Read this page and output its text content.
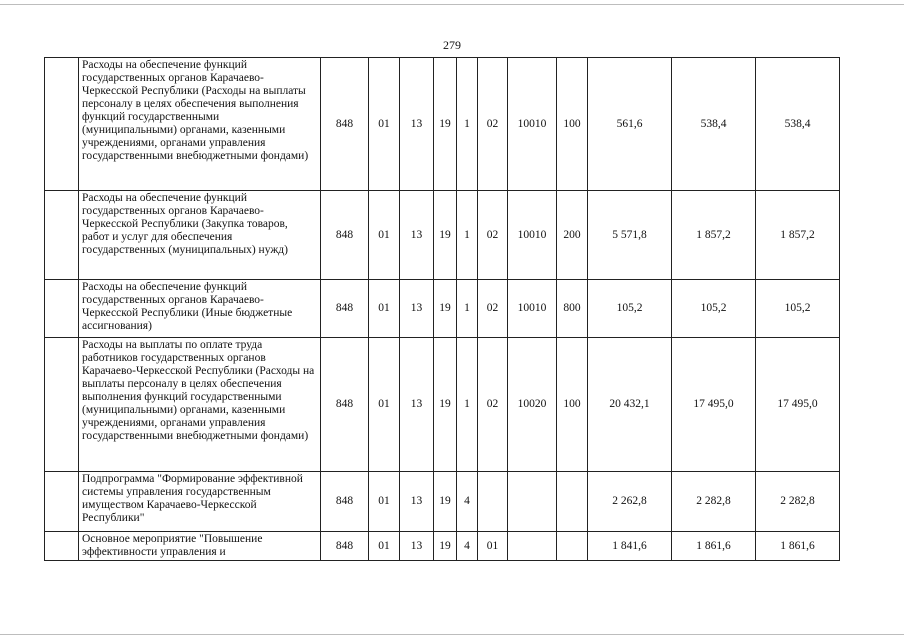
279
	Расходы на обеспечение функций государственных органов Карачаево-Черкесской Республики (Расходы на выплаты персоналу в целях обеспечения выполнения функций государственными (муниципальными) органами, казенными учреждениями, органами управления государственными внебюджетными фондами)	848	01	13	19	1	02	10010	100	561,6	538,4	538,4
	Расходы на обеспечение функций государственных органов Карачаево-Черкесской Республики (Закупка товаров, работ и услуг для обеспечения государственных (муниципальных) нужд)	848	01	13	19	1	02	10010	200	5 571,8	1 857,2	1 857,2
	Расходы на обеспечение функций государственных органов Карачаево-Черкесской Республики (Иные бюджетные ассигнования)	848	01	13	19	1	02	10010	800	105,2	105,2	105,2
	Расходы на выплаты по оплате труда работников государственных органов Карачаево-Черкесской Республики (Расходы на выплаты персоналу в целях обеспечения выполнения функций государственными (муниципальными) органами, казенными учреждениями, органами управления государственными внебюджетными фондами)	848	01	13	19	1	02	10020	100	20 432,1	17 495,0	17 495,0
	Подпрограмма "Формирование эффективной системы управления государственным имуществом Карачаево-Черкесской Республики"	848	01	13	19	4				2 262,8	2 282,8	2 282,8
	Основное мероприятие "Повышение эффективности управления и	848	01	13	19	4	01			1 841,6	1 861,6	1 861,6
